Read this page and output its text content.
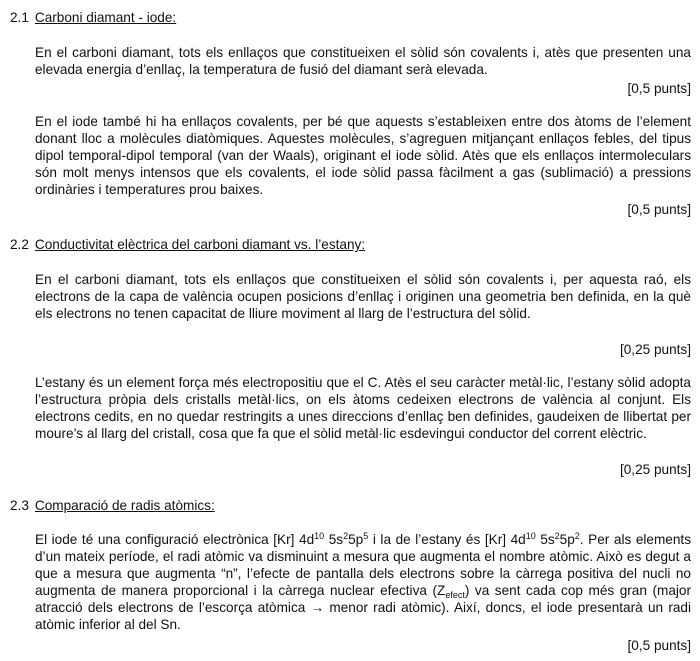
2.1 Carboni diamant - iode:

En el carboni diamant, tots els enllaços que constitueixen el sòlid són covalents i, atès que presenten una elevada energia d’enllaç, la temperatura de fusió del diamant serà elevada.

[0,5 punts]

En el iode també hi ha enllaços covalents, per bé que aquests s’estableixen entre dos àtoms de l’element donant lloc a molècules diatòmiques. Aquestes molècules, s’agreguen mitjançant enllaços febles, del tipus dipol temporal-dipol temporal (van der Waals), originant el iode sòlid. Atès que els enllaços intermoleculars són molt menys intensos que els covalents, el iode sòlid passa fàcilment a gas (sublimació) a pressions ordinàries i temperatures prou baixes.

[0,5 punts]
2.2 Conductivitat elèctrica del carboni diamant vs. l’estany:

En el carboni diamant, tots els enllaços que constitueixen el sòlid són covalents i, per aquesta raó, els electrons de la capa de valència ocupen posicions d’enllaç i originen una geometria ben definida, en la què els electrons no tenen capacitat de lliure moviment al llarg de l’estructura del sòlid.

[0,25 punts]

L’estany és un element força més electropositiu que el C. Atès el seu caràcter metàl·lic, l’estany sòlid adopta l’estructura pròpia dels cristalls metàl·lics, on els àtoms cedeixen electrons de valència al conjunt. Els electrons cedits, en no quedar restringits a unes direccions d’enllaç ben definides, gaudeixen de llibertat per moure’s al llarg del cristall, cosa que fa que el sòlid metàl·lic esdevingui conductor del corrent elèctric.

[0,25 punts]
2.3 Comparació de radis atòmics:

El iode té una configuració electrònica [Kr] $4d^{10}$ $5s^25p^5$ i la de l’estany és [Kr] $4d^{10}$ $5s^25p^2$. Per als elements d’un mateix període, el radi atòmic va disminuint a mesura que augmenta el nombre atòmic. Això es degut a que a mesura que augmenta “n”, l’efecte de pantalla dels electrons sobre la càrrega positiva del nucli no augmenta de manera proporcional i la càrrega nuclear efectiva $(Z_{efect})$ va sent cada cop més gran (major atracció dels electrons de l’escorça atòmica → menor radi atòmic). Així, doncs, el iode presentarà un radi atòmic inferior al del Sn.

[0,5 punts]
